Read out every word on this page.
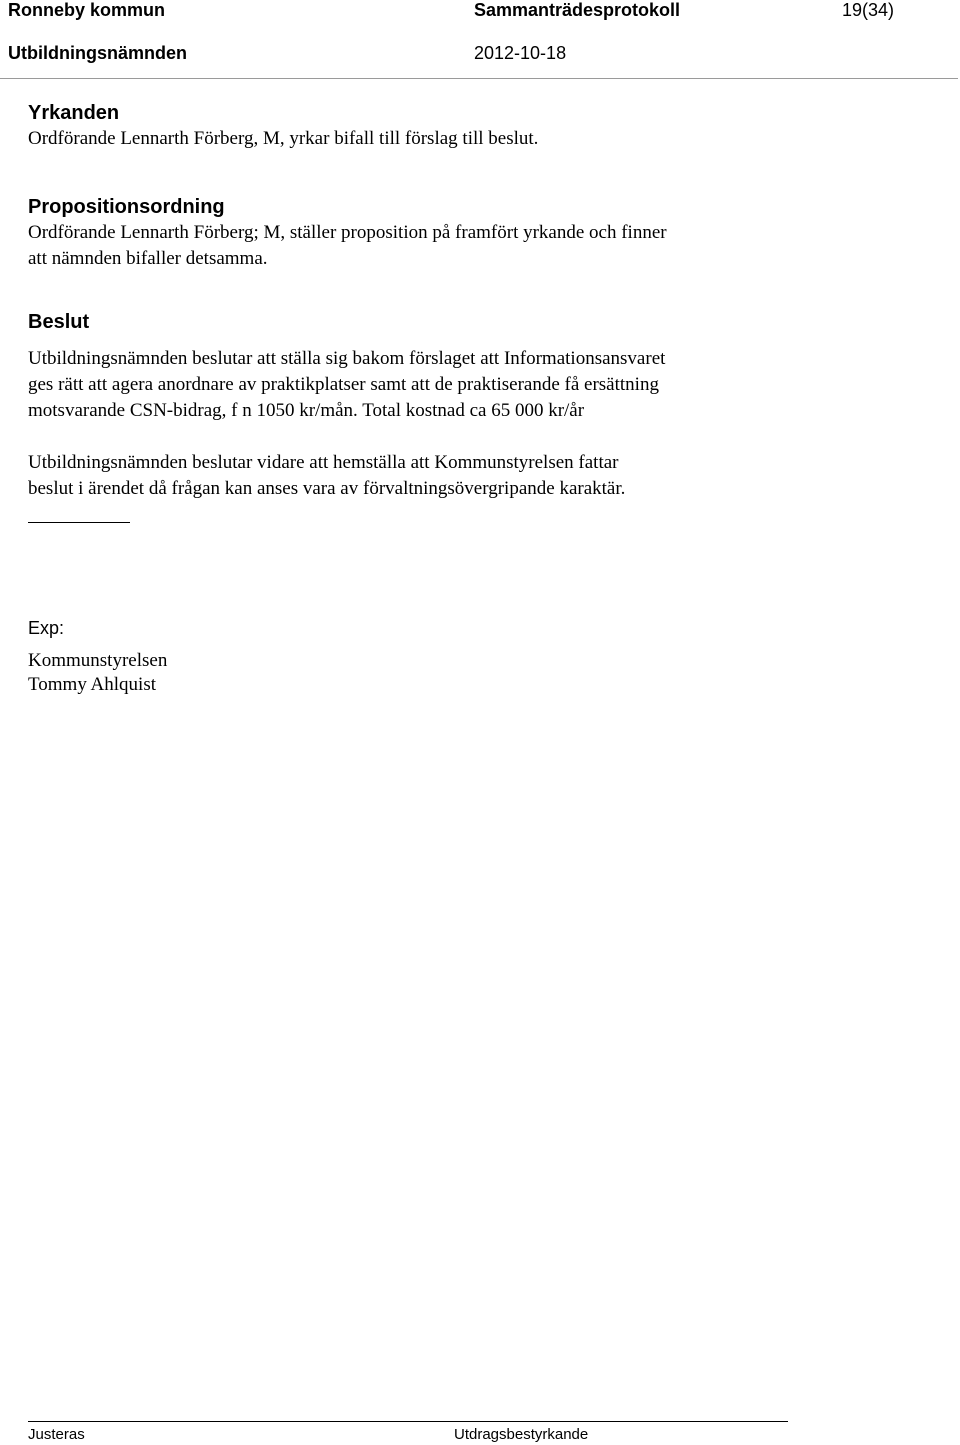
Ronneby kommun	Sammanträdesprotokoll	19(34)
Utbildningsnämnden	2012-10-18
Yrkanden
Ordförande Lennarth Förberg, M, yrkar bifall till förslag till beslut.
Propositionsordning
Ordförande Lennarth Förberg; M, ställer proposition på framfört yrkande och finner
att nämnden bifaller detsamma.
Beslut
Utbildningsnämnden beslutar att ställa sig bakom förslaget att Informationsansvaret
ges rätt att agera anordnare av praktikplatser samt att de praktiserande få ersättning
motsvarande CSN-bidrag, f n 1050 kr/mån. Total kostnad ca 65 000 kr/år
Utbildningsnämnden beslutar vidare att hemställa att Kommunstyrelsen fattar
beslut i ärendet då frågan kan anses vara av förvaltningsövergripande karaktär.
Exp:
Kommunstyrelsen
Tommy Ahlquist
Justeras	Utdragsbestyrkande
